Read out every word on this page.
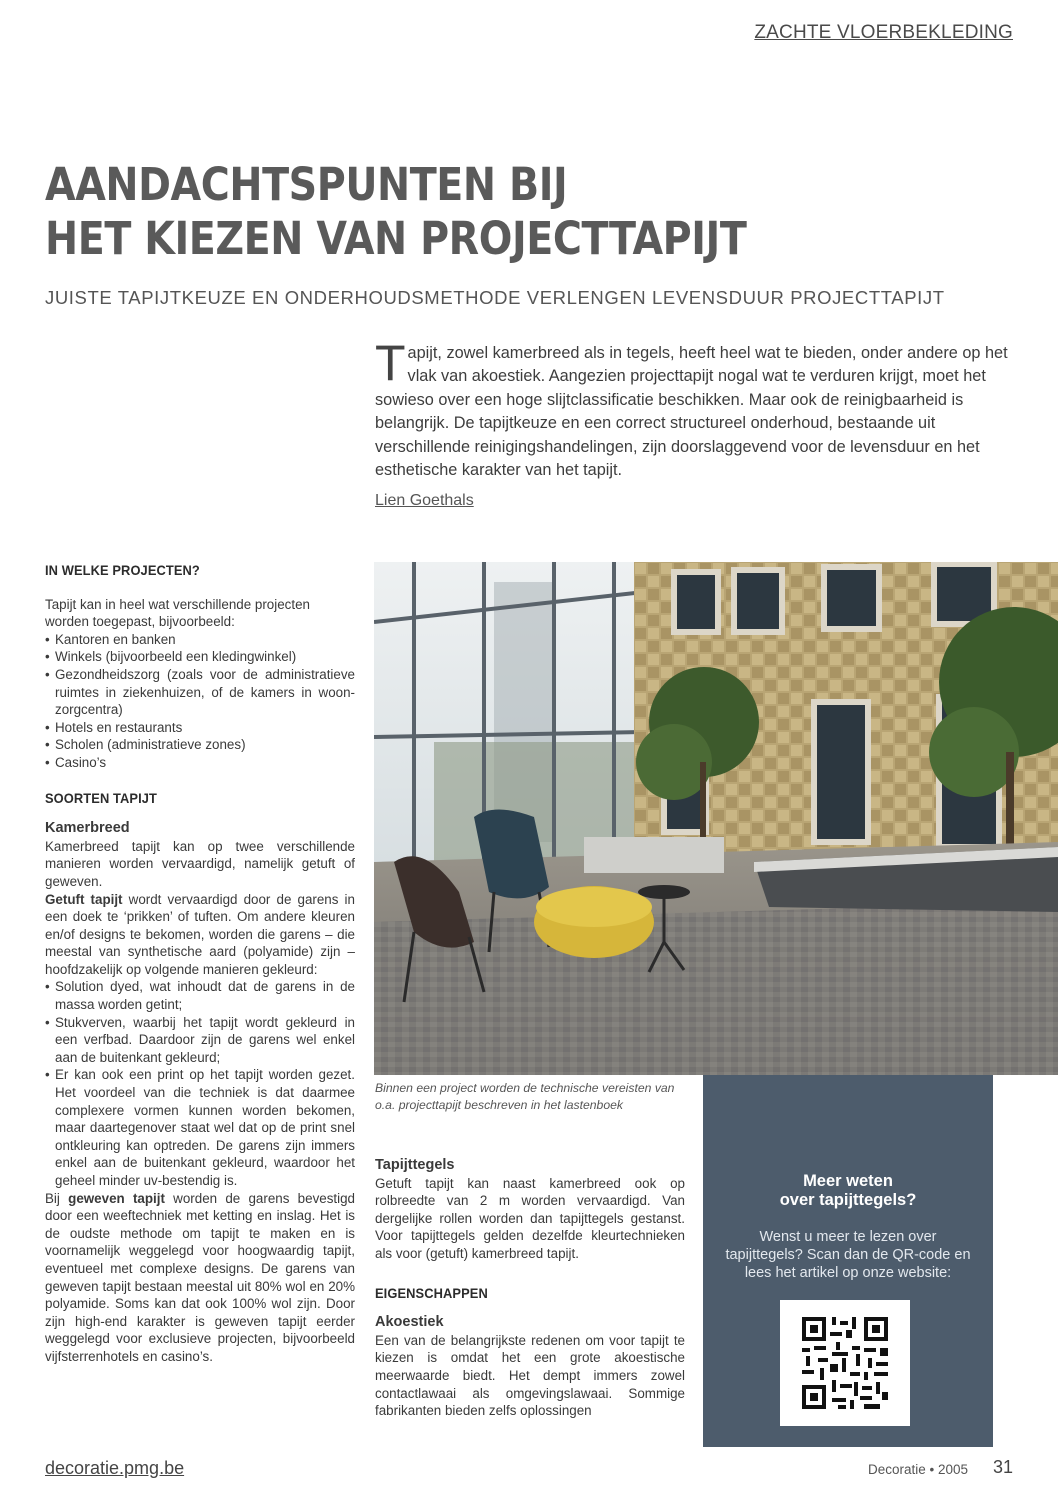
ZACHTE VLOERBEKLEDING
AANDACHTSPUNTEN BIJ
HET KIEZEN VAN PROJECTTAPIJT
JUISTE TAPIJTKEUZE EN ONDERHOUDSMETHODE VERLENGEN LEVENSDUUR PROJECTTAPIJT
Tapijt, zowel kamerbreed als in tegels, heeft heel wat te bieden, onder andere op het vlak van akoestiek. Aangezien projecttapijt nogal wat te verduren krijgt, moet het sowieso over een hoge slijtclassificatie beschikken. Maar ook de reinigbaarheid is belangrijk. De tapijtkeuze en een correct structureel onderhoud, bestaande uit verschillende reinigingshandelingen, zijn doorslaggevend voor de levensduur en het esthetische karakter van het tapijt.
Lien Goethals
IN WELKE PROJECTEN?

Tapijt kan in heel wat verschillende projecten worden toegepast, bijvoorbeeld:

• Kantoren en banken
• Winkels (bijvoorbeeld een kledingwinkel)
• Gezondheidszorg (zoals voor de administratieve ruimtes in ziekenhuizen, of de kamers in woon-zorgcentra)
• Hotels en restaurants
• Scholen (administratieve zones)
• Casino’s
SOORTEN TAPIJT
Kamerbreed

Kamerbreed tapijt kan op twee verschillende manieren worden vervaardigd, namelijk getuft of geweven.

Getuft tapijt wordt vervaardigd door de garens in een doek te ‘prikken’ of tuften. Om andere kleuren en/of designs te bekomen, worden die garens – die meestal van synthetische aard (polyamide) zijn – hoofdzakelijk op volgende manieren gekleurd:

• Solution dyed, wat inhoudt dat de garens in de massa worden getint;
• Stukverven, waarbij het tapijt wordt gekleurd in een verfbad. Daardoor zijn de garens wel enkel aan de buitenkant gekleurd;
• Er kan ook een print op het tapijt worden gezet. Het voordeel van die techniek is dat daarmee complexere vormen kunnen worden bekomen, maar daartegenover staat wel dat op de print snel ontkleuring kan optreden. De garens zijn immers enkel aan de buitenkant gekleurd, waardoor het geheel minder uv-bestendig is.

Bij geweven tapijt worden de garens bevestigd door een weeftechniek met ketting en inslag. Het is de oudste methode om tapijt te maken en is voornamelijk weggelegd voor hoogwaardig tapijt, eventueel met complexe designs. De garens van geweven tapijt bestaan meestal uit 80% wol en 20% polyamide. Soms kan dat ook 100% wol zijn. Door zijn high-end karakter is geweven tapijt eerder weggelegd voor exclusieve projecten, bijvoorbeeld vijfsterrenhotels en casino’s.

Binnen een project worden de technische vereisten van o.a. projecttapijt beschreven in het lastenboek
Tapijttegels

Getuft tapijt kan naast kamerbreed ook op rolbreedte van 2 m worden vervaardigd. Van dergelijke rollen worden dan tapijttegels gestanst. Voor tapijttegels gelden dezelfde kleurtechnieken als voor (getuft) kamerbreed tapijt.

EIGENSCHAPPEN
Akoestiek

Een van de belangrijkste redenen om voor tapijt te kiezen is omdat het een grote akoestische meerwaarde biedt. Het dempt immers zowel contactlawaai als omgevingslawaai. Sommige fabrikanten bieden zelfs oplossingen

Meer weten
over tapijttegels?
Wenst u meer te lezen over tapijttegels? Scan dan de QR-code en lees het artikel op onze website:
decoratie.pmg.be	Decoratie • 2005 31
